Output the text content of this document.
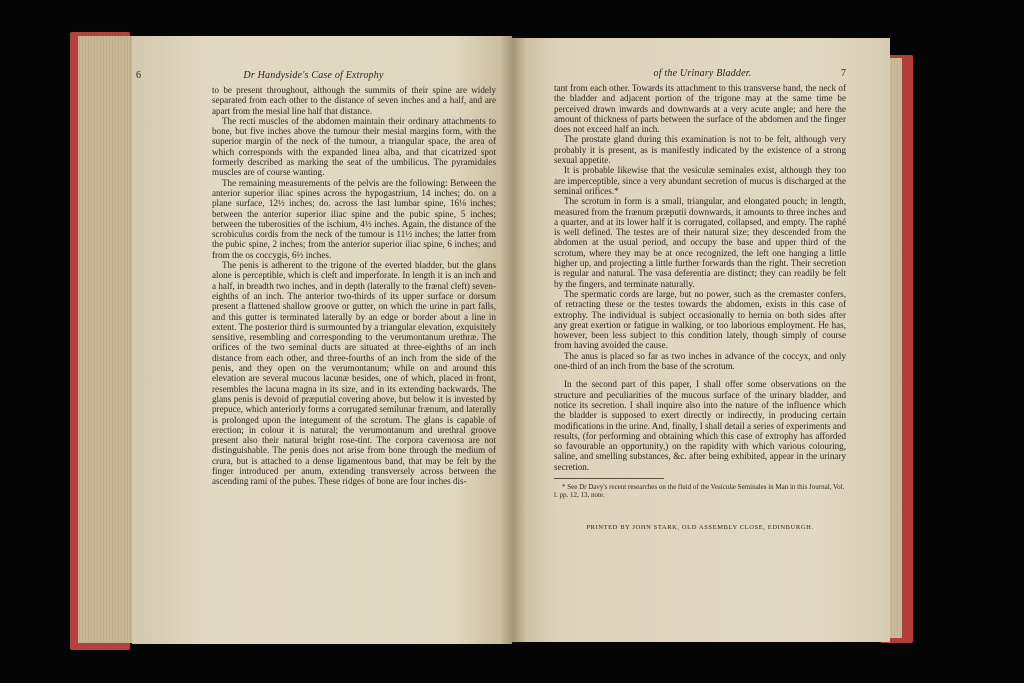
6	Dr Handyside's Case of Extrophy

to be present throughout, although the summits of their spine are widely separated from each other to the distance of seven inches and a half, and are apart from the mesial line half that distance.

The recti muscles of the abdomen maintain their ordinary attachments to bone, but five inches above the tumour their mesial margins form, with the superior margin of the neck of the tumour, a triangular space, the area of which corresponds with the expanded linea alba, and that cicatrized spot formerly described as marking the seat of the umbilicus. The pyramidales muscles are of course wanting.

The remaining measurements of the pelvis are the following: Between the anterior superior iliac spines across the hypogastrium, 14 inches; do. on a plane surface, 12½ inches; do. across the last lumbar spine, 16⅛ inches; between the anterior superior iliac spine and the pubic spine, 5 inches; between the tuberosities of the ischium, 4½ inches. Again, the distance of the scrobiculus cordis from the neck of the tumour is 11½ inches; the latter from the pubic spine, 2 inches; from the anterior superior iliac spine, 6 inches; and from the os coccygis, 6½ inches.

The penis is adherent to the trigone of the everted bladder, but the glans alone is perceptible, which is cleft and imperforate. In length it is an inch and a half, in breadth two inches, and in depth (laterally to the frænal cleft) seven-eighths of an inch. The anterior two-thirds of its upper surface or dorsum present a flattened shallow groove or gutter, on which the urine in part falls, and this gutter is terminated laterally by an edge or border about a line in extent. The posterior third is surmounted by a triangular elevation, exquisitely sensitive, resembling and corresponding to the verumontanum urethræ. The orifices of the two seminal ducts are situated at three-eighths of an inch distance from each other, and three-fourths of an inch from the side of the penis, and they open on the verumontanum; while on and around this elevation are several mucous lacunæ besides, one of which, placed in front, resembles the lacuna magna in its size, and in its extending backwards. The glans penis is devoid of præputial covering above, but below it is invested by prepuce, which anteriorly forms a corrugated semilunar frænum, and laterally is prolonged upon the integument of the scrotum. The glans is capable of erection; in colour it is natural; the verumontanum and urethral groove present also their natural bright rose-tint. The corpora cavernosa are not distinguishable. The penis does not arise from bone through the medium of crura, but is attached to a dense ligamentous band, that may be felt by the finger introduced per anum, extending transversely across between the ascending rami of the pubes. These ridges of bone are four inches dis-

of the Urinary Bladder.	7

tant from each other. Towards its attachment to this transverse band, the neck of the bladder and adjacent portion of the trigone may at the same time be perceived drawn inwards and downwards at a very acute angle; and here the amount of thickness of parts between the surface of the abdomen and the finger does not exceed half an inch.

The prostate gland during this examination is not to be felt, although very probably it is present, as is manifestly indicated by the existence of a strong sexual appetite.

It is probable likewise that the vesiculæ seminales exist, although they too are imperceptible, since a very abundant secretion of mucus is discharged at the seminal orifices.*

The scrotum in form is a small, triangular, and elongated pouch; in length, measured from the frænum præputii downwards, it amounts to three inches and a quarter, and at its lower half it is corrugated, collapsed, and empty. The raphé is well defined. The testes are of their natural size; they descended from the abdomen at the usual period, and occupy the base and upper third of the scrotum, where they may be at once recognized, the left one hanging a little higher up, and projecting a little further forwards than the right. Their secretion is regular and natural. The vasa deferentia are distinct; they can readily be felt by the fingers, and terminate naturally.

The spermatic cords are large, but no power, such as the cremaster confers, of retracting these or the testes towards the abdomen, exists in this case of extrophy. The individual is subject occasionally to hernia on both sides after any great exertion or fatigue in walking, or too laborious employment. He has, however, been less subject to this condition lately, though simply of course from having avoided the cause.

The anus is placed so far as two inches in advance of the coccyx, and only one-third of an inch from the base of the scrotum.

In the second part of this paper, I shall offer some observations on the structure and peculiarities of the mucous surface of the urinary bladder, and notice its secretion. I shall inquire also into the nature of the influence which the bladder is supposed to exert directly or indirectly, in producing certain modifications in the urine. And, finally, I shall detail a series of experiments and results, (for performing and obtaining which this case of extrophy has afforded so favourable an opportunity,) on the rapidity with which various colouring, saline, and smelling substances, &c. after being exhibited, appear in the urinary secretion.

* See Dr Davy's recent researches on the fluid of the Vesiculæ Seminales in Man in this Journal, Vol. l. pp. 12, 13, note.

PRINTED BY JOHN STARK, OLD ASSEMBLY CLOSE, EDINBURGH.
